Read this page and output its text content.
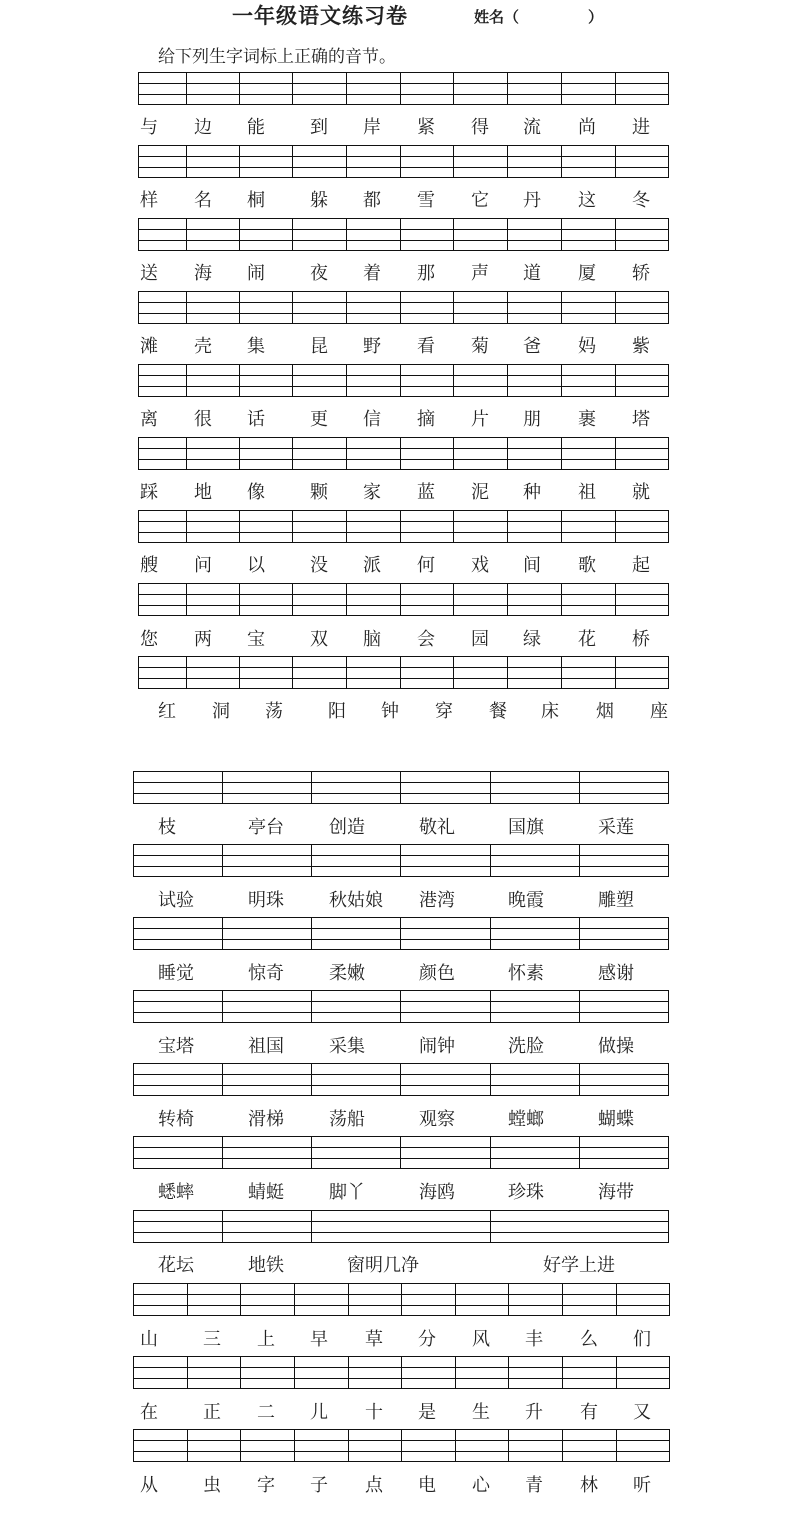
一年级语文练习卷	姓名（	）
给下列生字词标上正确的音节。
与 边 能	到 岸 紧 得 流 尚 进
样 名 桐	躲 都 雪 它 丹 这 冬
送 海 闹	夜 着 那 声 道 厦 轿
滩 壳 集	昆 野 看 菊 爸 妈 紫
离 很 话	更 信 摘 片 朋 裹 塔
踩 地 像	颗 家 蓝 泥 种 祖 就
艘 问 以	没 派 何 戏 间 歌 起
您 两 宝	双 脑 会 园 绿 花 桥
红 洞 荡	阳 钟 穿 餐 床 烟 座
枝	亭台	创造	敬礼	国旗	采莲
试验	明珠	秋姑娘 港湾	晚霞	雕塑
睡觉	惊奇	柔嫩	颜色	怀素	感谢
宝塔	祖国	采集	闹钟	洗脸	做操
转椅	滑梯	荡船	观察	螳螂	蝴蝶
蟋蟀	蜻蜓	脚丫	海鸥	珍珠	海带
花坛	地铁	窗明几净	好学上进
山	三 上 早 草 分 风 丰 么 们
在	正 二 儿 十 是 生 升 有 又
从	虫 字 子 点 电 心 青 林 听
